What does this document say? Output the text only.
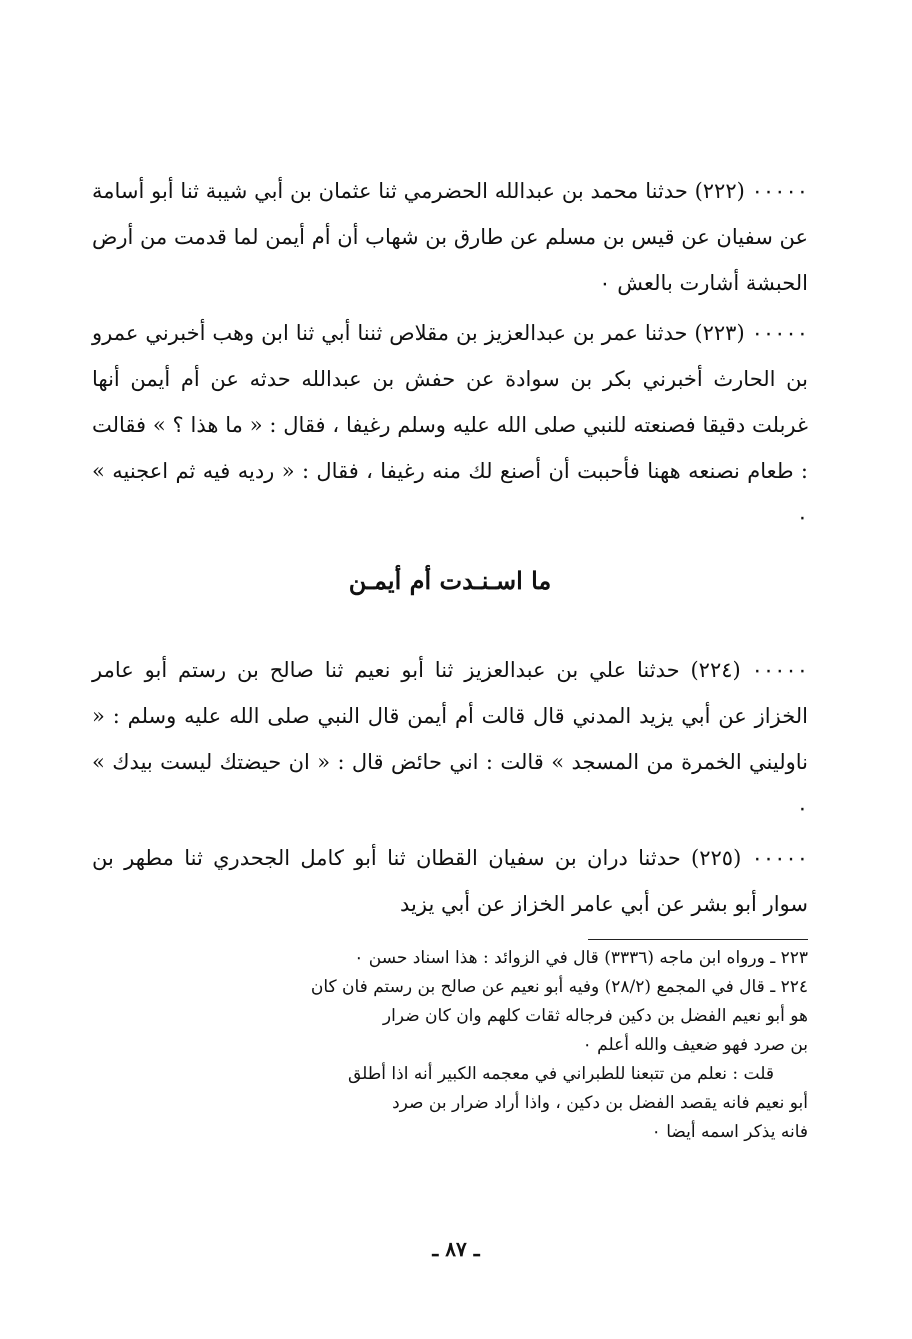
٠٠٠٠٠ (٢٢٢) حدثنا محمد بن عبدالله الحضرمي ثنا عثمان بن أبي شيبة ثنا أبو أسامة عن سفيان عن قيس بن مسلم عن طارق بن شهاب أن أم أيمن لما قدمت من أرض الحبشة أشارت بالعش ٠

٠٠٠٠٠ (٢٢٣) حدثنا عمر بن عبدالعزيز بن مقلاص ثننا أبي ثنا ابن وهب أخبرني عمرو بن الحارث أخبرني بكر بن سوادة عن حفش بن عبدالله حدثه عن أم أيمن أنها غربلت دقيقا فصنعته للنبي صلى الله عليه وسلم رغيفا ، فقال : « ما هذا ؟ » فقالت : طعام نصنعه ههنا فأحببت أن أصنع لك منه رغيفا ، فقال : « رديه فيه ثم اعجنيه » ٠

ما اسـنـدت أم أيمـن

٠٠٠٠٠ (٢٢٤) حدثنا علي بن عبدالعزيز ثنا أبو نعيم ثنا صالح بن رستم أبو عامر الخزاز عن أبي يزيد المدني قال قالت أم أيمن قال النبي صلى الله عليه وسلم : « ناوليني الخمرة من المسجد » قالت : اني حائض قال : « ان حيضتك ليست بيدك » ٠

٠٠٠٠٠ (٢٢٥) حدثنا دران بن سفيان القطان ثنا أبو كامل الجحدري ثنا مطهر بن سوار أبو بشر عن أبي عامر الخزاز عن أبي يزيد

٢٢٣ ـ ورواه ابن ماجه (٣٣٣٦) قال في الزوائد : هذا اسناد حسن ٠

٢٢٤ ـ قال في المجمع (٢٨/٢) وفيه أبو نعيم عن صالح بن رستم فان كان

هو أبو نعيم الفضل بن دكين فرجاله ثقات كلهم وان كان ضرار

بن صرد فهو ضعيف والله أعلم ٠

قلت : نعلم من تتبعنا للطبراني في معجمه الكبير أنه اذا أطلق

أبو نعيم فانه يقصد الفضل بن دكين ، واذا أراد ضرار بن صرد

فانه يذكر اسمه أيضا ٠

ـ ٨٧ ـ
